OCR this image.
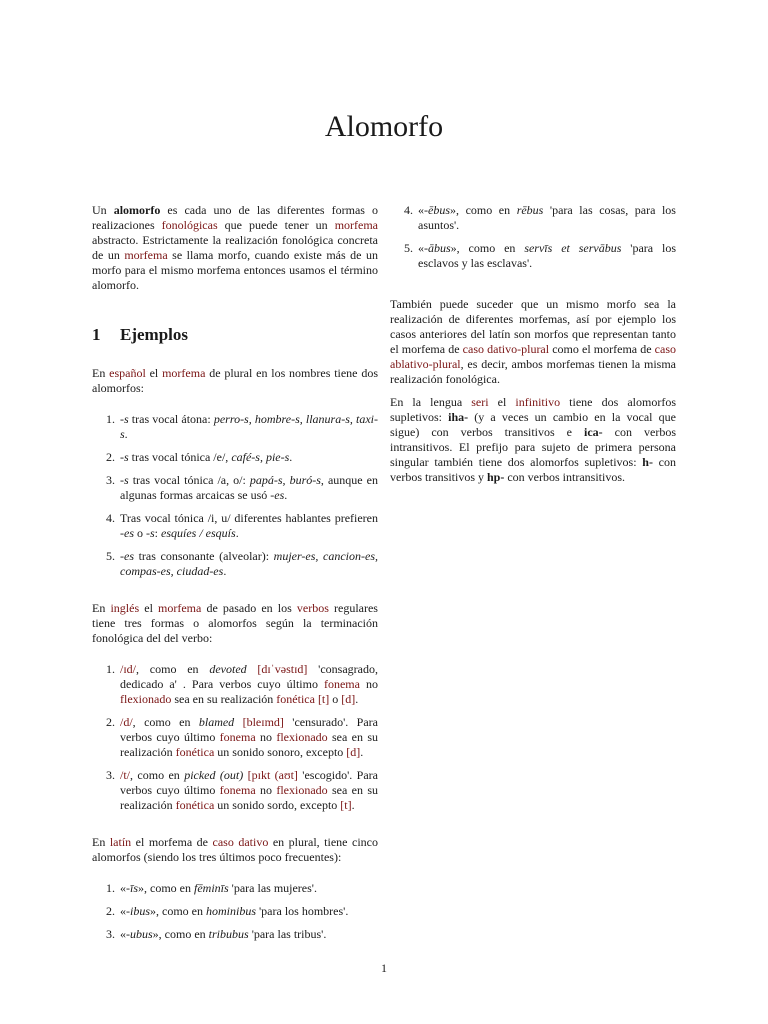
Alomorfo

Un alomorfo es cada uno de las diferentes formas o realizaciones fonológicas que puede tener un morfema abstracto. Estrictamente la realización fonológica concreta de un morfema se llama morfo, cuando existe más de un morfo para el mismo morfema entonces usamos el término alomorfo.

1 Ejemplos

En español el morfema de plural en los nombres tiene dos alomorfos:

1. -s tras vocal átona: perro-s, hombre-s, llanura-s, taxi-s.
2. -s tras vocal tónica /e/, café-s, pie-s.
3. -s tras vocal tónica /a, o/: papá-s, buró-s, aunque en algunas formas arcaicas se usó -es.
4. Tras vocal tónica /i, u/ diferentes hablantes prefieren -es o -s: esquíes / esquís.
5. -es tras consonante (alveolar): mujer-es, cancion-es, compas-es, ciudad-es.

En inglés el morfema de pasado en los verbos regulares tiene tres formas o alomorfos según la terminación fonológica del del verbo:

1. /ɪd/, como en devoted [dɪˈvəstɪd] 'consagrado, dedicado a' . Para verbos cuyo último fonema no flexionado sea en su realización fonética [t] o [d].
2. /d/, como en blamed [bleɪmd] 'censurado'. Para verbos cuyo último fonema no flexionado sea en su realización fonética un sonido sonoro, excepto [d].
3. /t/, como en picked (out) [pɪkt (aʊt] 'escogido'. Para verbos cuyo último fonema no flexionado sea en su realización fonética un sonido sordo, excepto [t].

En latín el morfema de caso dativo en plural, tiene cinco alomorfos (siendo los tres últimos poco frecuentes):

1. «-īs», como en fēminīs 'para las mujeres'.
2. «-ibus», como en hominibus 'para los hombres'.
3. «-ubus», como en tribubus 'para las tribus'.
4. «-ēbus», como en rēbus 'para las cosas, para los asuntos'.
5. «-ābus», como en servīs et servābus 'para los esclavos y las esclavas'.

También puede suceder que un mismo morfo sea la realización de diferentes morfemas, así por ejemplo los casos anteriores del latín son morfos que representan tanto el morfema de caso dativo-plural como el morfema de caso ablativo-plural, es decir, ambos morfemas tienen la misma realización fonológica.

En la lengua seri el infinitivo tiene dos alomorfos supletivos: iha- (y a veces un cambio en la vocal que sigue) con verbos transitivos e ica- con verbos intransitivos. El prefijo para sujeto de primera persona singular también tiene dos alomorfos supletivos: h- con verbos transitivos y hp- con verbos intransitivos.

1
